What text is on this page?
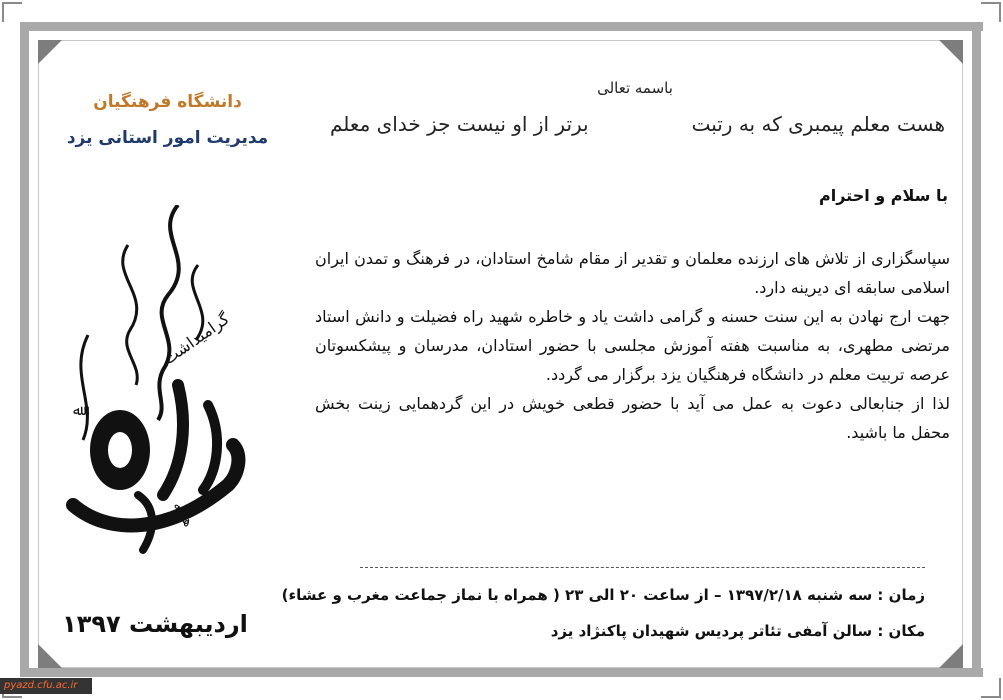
دانشگاه فرهنگیان
مدیریت امور استانی یزد
گرامیداشت
هفته
ﷲ
اردیبهشت ۱۳۹۷
باسمه تعالی
هست معلم پیمبری که به رتبت
برتر از او نیست جز خدای معلم
با سلام و احترام

سپاسگزاری از تلاش های ارزنده معلمان و تقدیر از مقام شامخ استادان، در فرهنگ و تمدن ایران اسلامی سابقه ای دیرینه دارد.

جهت ارج نهادن به این سنت حسنه و گرامی داشت یاد و خاطره شهید راه فضیلت و دانش استاد مرتضی مطهری، به مناسبت هفته آموزش مجلسی با حضور استادان، مدرسان و پیشکسوتان عرصه تربیت معلم در دانشگاه فرهنگیان یزد برگزار می گردد.

لذا از جنابعالی دعوت به عمل می آید با حضور قطعی خویش در این گردهمایی زینت بخش محفل ما باشید.

زمان : سه شنبه ۱۳۹۷/۲/۱۸ – از ساعت ۲۰ الی ۲۳ ( همراه با نماز جماعت مغرب و عشاء)
مکان : سالن آمفی تئاتر پردیس شهیدان پاکنژاد یزد
pyazd.cfu.ac.ir
